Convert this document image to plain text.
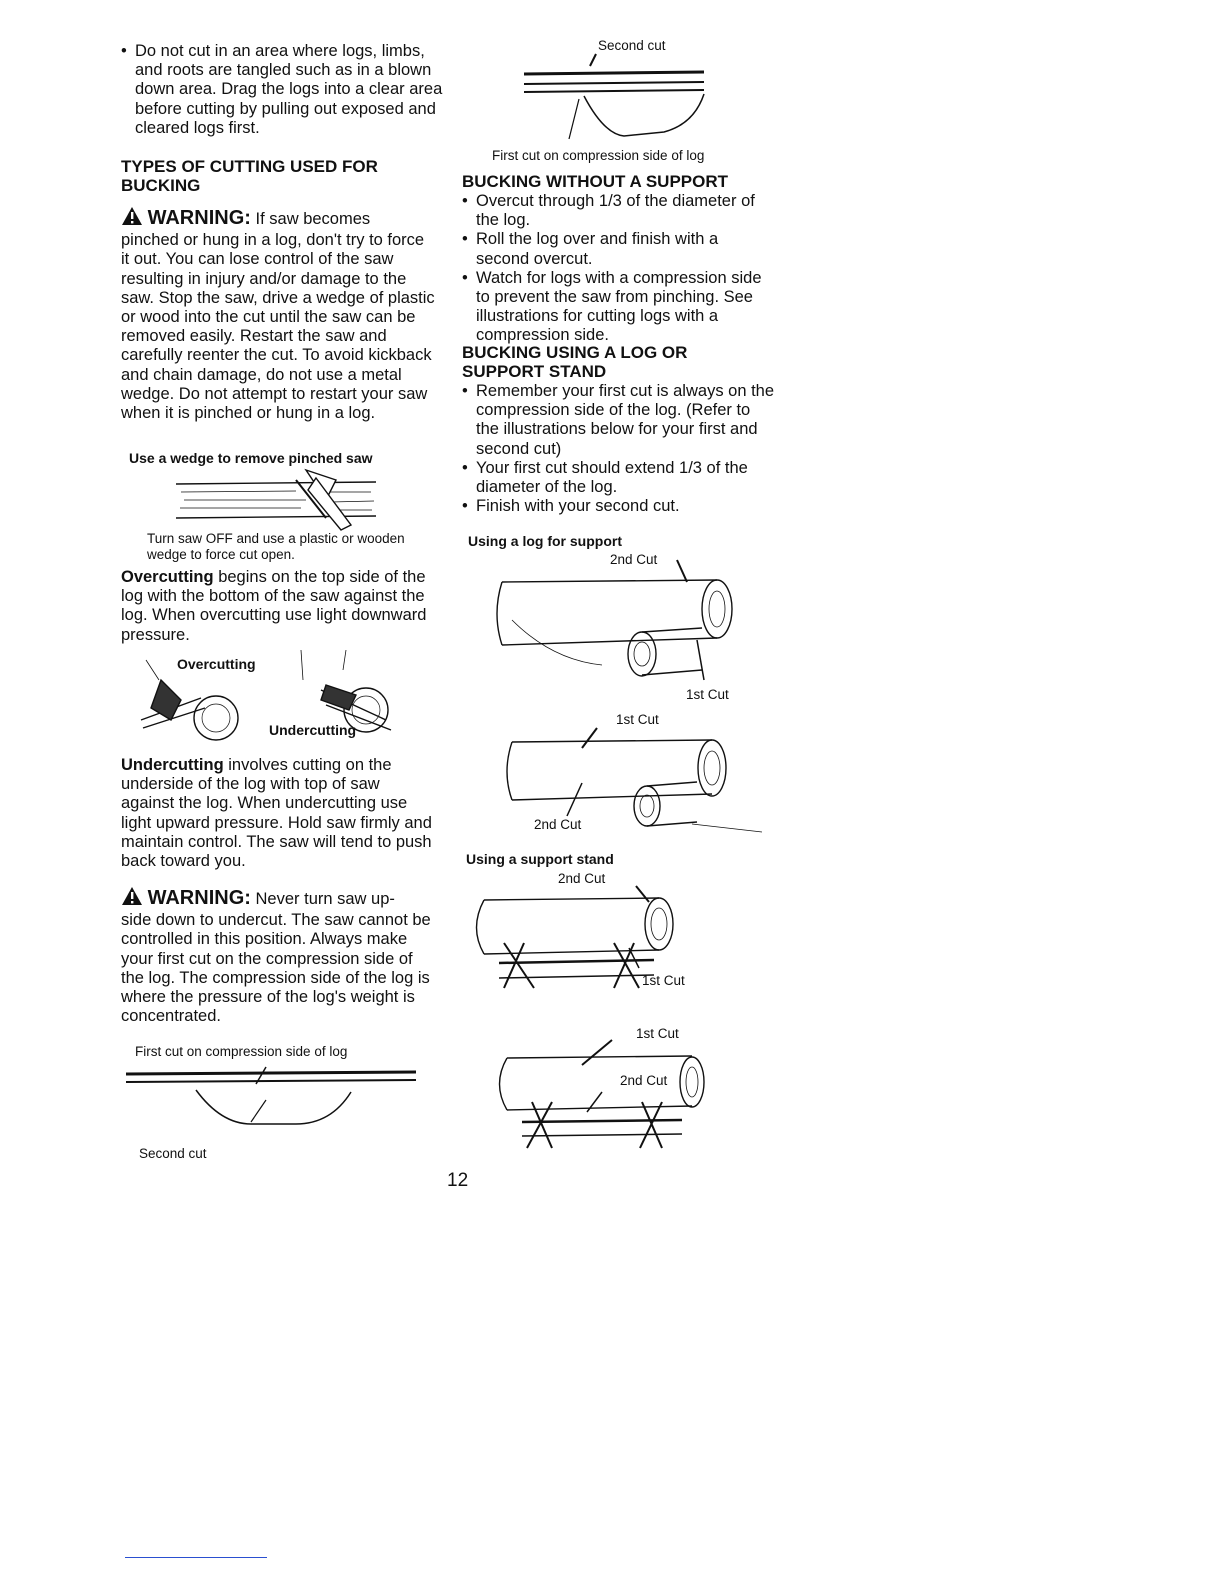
• Do not cut in an area where logs, limbs, and roots are tangled such as in a blown down area. Drag the logs into a clear area before cutting by pulling out exposed and cleared logs first.
TYPES OF CUTTING USED FOR BUCKING
WARNING: If saw becomes
pinched or hung in a log, don't try to force it out. You can lose control of the saw resulting in injury and/or damage to the saw. Stop the saw, drive a wedge of plastic or wood into the cut until the saw can be removed easily. Restart the saw and carefully reenter the cut. To avoid kickback and chain damage, do not use a metal wedge. Do not attempt to restart your saw when it is pinched or hung in a log.
Use a wedge to remove pinched saw
Turn saw OFF and use a plastic or wooden wedge to force cut open.
Overcutting begins on the top side of the log with the bottom of the saw against the log. When overcutting use light downward pressure.
Overcutting
Undercutting
Undercutting involves cutting on the underside of the log with top of saw against the log. When undercutting use light upward pressure. Hold saw firmly and maintain control. The saw will tend to push back toward you.
WARNING: Never turn saw up-
side down to undercut. The saw cannot be controlled in this position. Always make your first cut on the compression side of the log. The compression side of the log is where the pressure of the log's weight is concentrated.
First cut on compression side of log
Second cut
Second cut
First cut on compression side of log
BUCKING WITHOUT A SUPPORT
• Overcut through 1/3 of the diameter of the log.
• Roll the log over and finish with a second overcut.
• Watch for logs with a compression side to prevent the saw from pinching. See illustrations for cutting logs with a compression side.
BUCKING USING A LOG OR SUPPORT STAND
• Remember your first cut is always on the compression side of the log. (Refer to the illustrations below for your first and second cut)
• Your first cut should extend 1/3 of the diameter of the log.
• Finish with your second cut.
Using a log for support
2nd Cut
1st Cut
1st Cut
2nd Cut
Using a support stand
2nd Cut
1st Cut
1st Cut
2nd Cut
12
